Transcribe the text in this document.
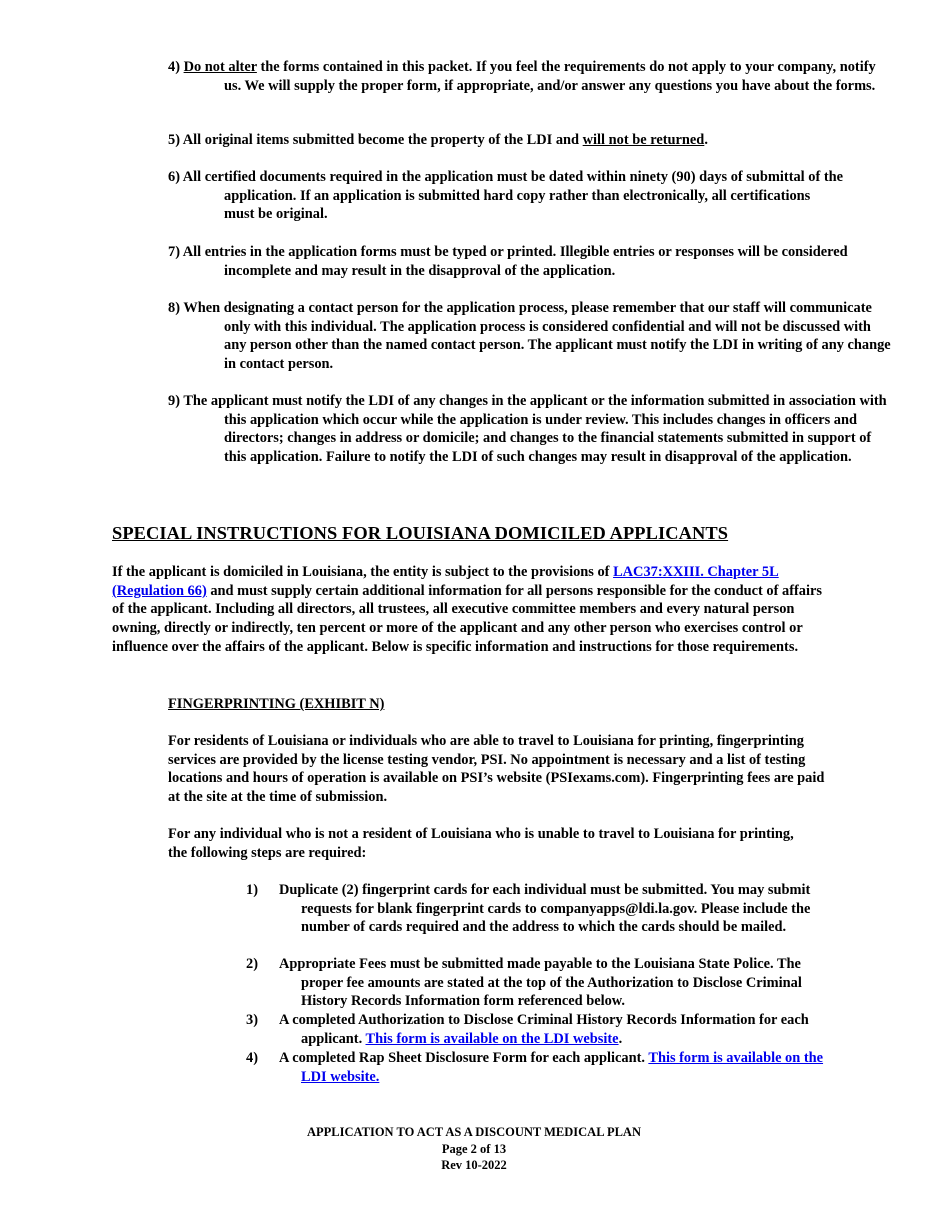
4) Do not alter the forms contained in this packet. If you feel the requirements do not apply to your company, notify us. We will supply the proper form, if appropriate, and/or answer any questions you have about the forms.
5) All original items submitted become the property of the LDI and will not be returned.
6) All certified documents required in the application must be dated within ninety (90) days of submittal of the application. If an application is submitted hard copy rather than electronically, all certifications must be original.
7) All entries in the application forms must be typed or printed. Illegible entries or responses will be considered incomplete and may result in the disapproval of the application.
8) When designating a contact person for the application process, please remember that our staff will communicate only with this individual. The application process is considered confidential and will not be discussed with any person other than the named contact person. The applicant must notify the LDI in writing of any change in contact person.
9) The applicant must notify the LDI of any changes in the applicant or the information submitted in association with this application which occur while the application is under review. This includes changes in officers and directors; changes in address or domicile; and changes to the financial statements submitted in support of this application. Failure to notify the LDI of such changes may result in disapproval of the application.
SPECIAL INSTRUCTIONS FOR LOUISIANA DOMICILED APPLICANTS
If the applicant is domiciled in Louisiana, the entity is subject to the provisions of LAC37:XXIII. Chapter 5L (Regulation 66) and must supply certain additional information for all persons responsible for the conduct of affairs of the applicant. Including all directors, all trustees, all executive committee members and every natural person owning, directly or indirectly, ten percent or more of the applicant and any other person who exercises control or influence over the affairs of the applicant. Below is specific information and instructions for those requirements.
FINGERPRINTING (EXHIBIT N)
For residents of Louisiana or individuals who are able to travel to Louisiana for printing, fingerprinting services are provided by the license testing vendor, PSI. No appointment is necessary and a list of testing locations and hours of operation is available on PSI’s website (PSIexams.com). Fingerprinting fees are paid at the site at the time of submission.
For any individual who is not a resident of Louisiana who is unable to travel to Louisiana for printing, the following steps are required:
1)	Duplicate (2) fingerprint cards for each individual must be submitted. You may submit requests for blank fingerprint cards to companyapps@ldi.la.gov. Please include the number of cards required and the address to which the cards should be mailed.
2)	Appropriate Fees must be submitted made payable to the Louisiana State Police. The proper fee amounts are stated at the top of the Authorization to Disclose Criminal History Records Information form referenced below.
3)	A completed Authorization to Disclose Criminal History Records Information for each applicant. This form is available on the LDI website.
4)	A completed Rap Sheet Disclosure Form for each applicant. This form is available on the LDI website.
APPLICATION TO ACT AS A DISCOUNT MEDICAL PLAN
Page 2 of 13
Rev 10-2022
